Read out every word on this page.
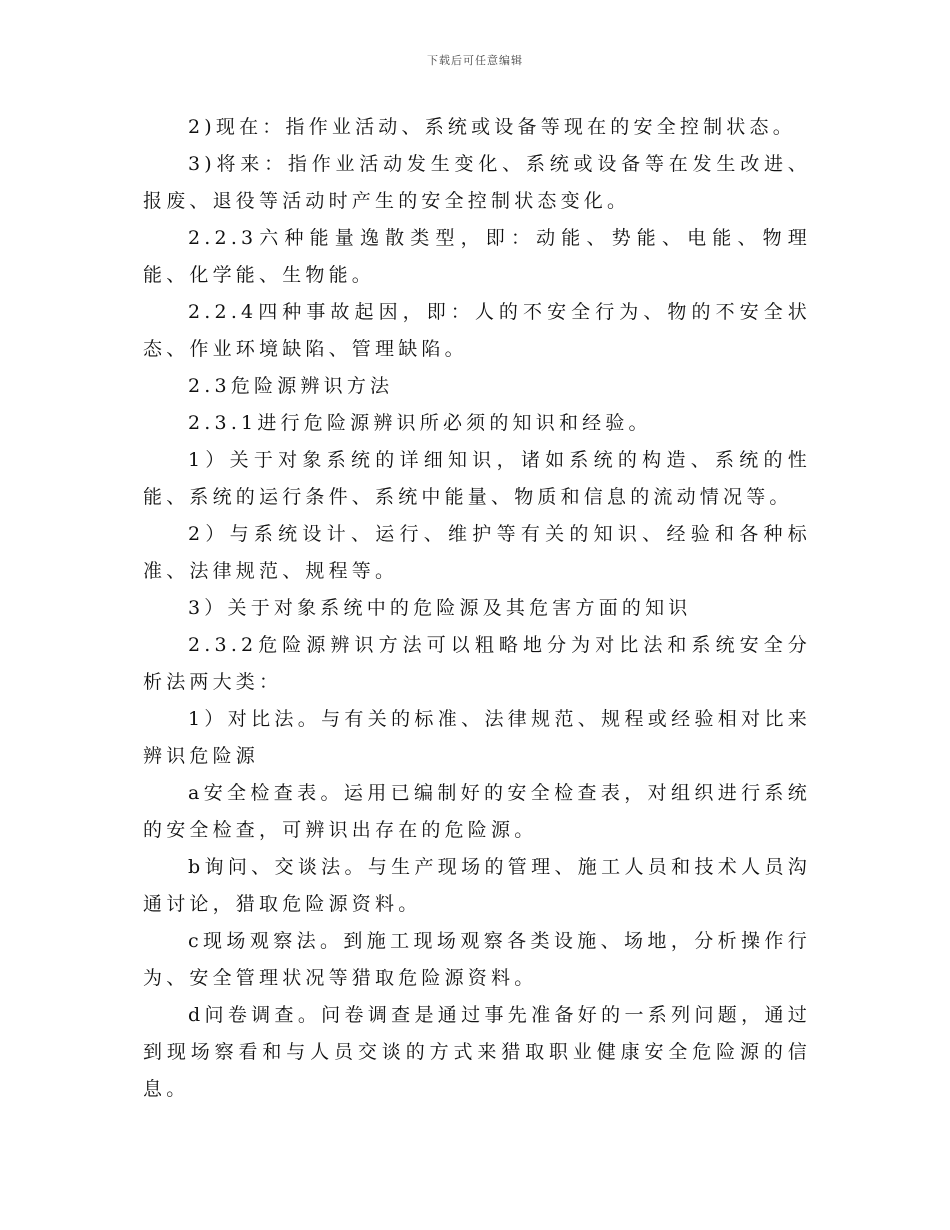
下载后可任意编辑

2)现在：指作业活动、系统或设备等现在的安全控制状态。

3)将来：指作业活动发生变化、系统或设备等在发生改进、报废、退役等活动时产生的安全控制状态变化。

2.2.3六种能量逸散类型，即：动能、势能、电能、物理能、化学能、生物能。

2.2.4四种事故起因，即：人的不安全行为、物的不安全状态、作业环境缺陷、管理缺陷。

2.3危险源辨识方法

2.3.1进行危险源辨识所必须的知识和经验。

1）关于对象系统的详细知识，诸如系统的构造、系统的性能、系统的运行条件、系统中能量、物质和信息的流动情况等。

2）与系统设计、运行、维护等有关的知识、经验和各种标准、法律规范、规程等。

3）关于对象系统中的危险源及其危害方面的知识

2.3.2危险源辨识方法可以粗略地分为对比法和系统安全分析法两大类：

1）对比法。与有关的标准、法律规范、规程或经验相对比来辨识危险源

a安全检查表。运用已编制好的安全检查表，对组织进行系统的安全检查，可辨识出存在的危险源。

b询问、交谈法。与生产现场的管理、施工人员和技术人员沟通讨论，猎取危险源资料。

c现场观察法。到施工现场观察各类设施、场地，分析操作行为、安全管理状况等猎取危险源资料。

d问卷调查。问卷调查是通过事先准备好的一系列问题，通过到现场察看和与人员交谈的方式来猎取职业健康安全危险源的信息。
